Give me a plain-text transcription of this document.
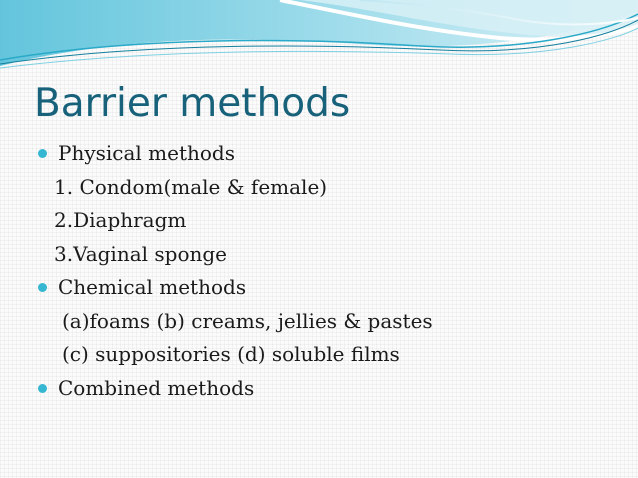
Barrier methods
Physical methods
1. Condom(male & female)
2.Diaphragm
3.Vaginal sponge
Chemical methods
(a)foams (b) creams, jellies & pastes
(c) suppositories (d) soluble films
Combined methods
